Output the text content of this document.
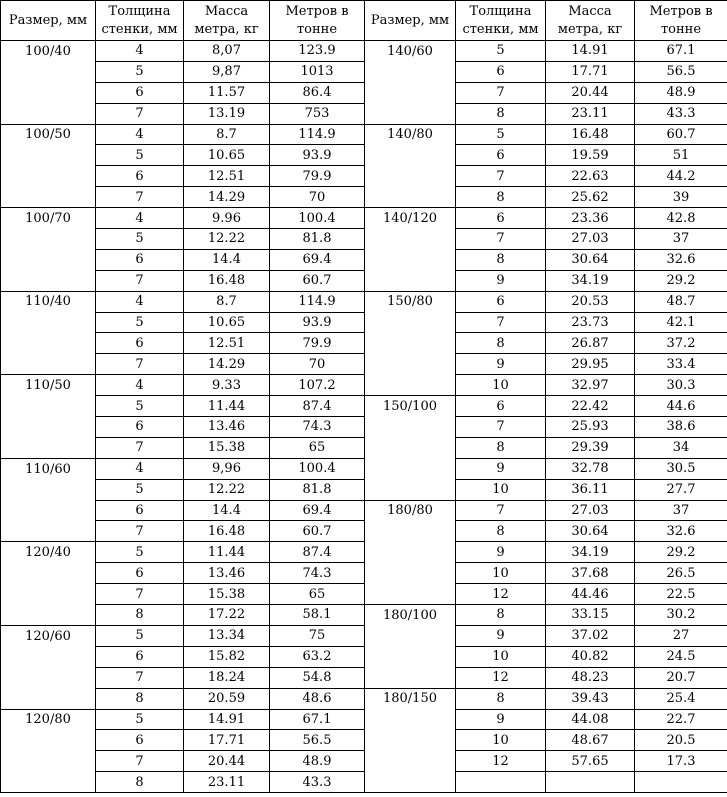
Размер, мм	Толщина стенки, мм	Масса метра, кг	Метров в тонне	Размер, мм	Толщина стенки, мм	Масса метра, кг	Метров в тонне
100/40	4	8,07	123.9	140/60	5	14.91	67.1
	5	9,87	1013		6	17.71	56.5
	6	11.57	86.4		7	20.44	48.9
	7	13.19	753		8	23.11	43.3
100/50	4	8.7	114.9	140/80	5	16.48	60.7
	5	10.65	93.9		6	19.59	51
	6	12.51	79.9		7	22.63	44.2
	7	14.29	70		8	25.62	39
100/70	4	9.96	100.4	140/120	6	23.36	42.8
	5	12.22	81.8		7	27.03	37
	6	14.4	69.4		8	30.64	32.6
	7	16.48	60.7		9	34.19	29.2
110/40	4	8.7	114.9	150/80	6	20.53	48.7
	5	10.65	93.9		7	23.73	42.1
	6	12.51	79.9		8	26.87	37.2
	7	14.29	70		9	29.95	33.4
110/50	4	9.33	107.2		10	32.97	30.3
	5	11.44	87.4	150/100	6	22.42	44.6
	6	13.46	74.3		7	25.93	38.6
	7	15.38	65		8	29.39	34
110/60	4	9,96	100.4		9	32.78	30.5
	5	12.22	81.8		10	36.11	27.7
	6	14.4	69.4	180/80	7	27.03	37
	7	16.48	60.7		8	30.64	32.6
120/40	5	11.44	87.4		9	34.19	29.2
	6	13.46	74.3		10	37.68	26.5
	7	15.38	65		12	44.46	22.5
	8	17.22	58.1	180/100	8	33.15	30.2
120/60	5	13.34	75		9	37.02	27
	6	15.82	63.2		10	40.82	24.5
	7	18.24	54.8		12	48.23	20.7
	8	20.59	48.6	180/150	8	39.43	25.4
120/80	5	14.91	67.1		9	44.08	22.7
	6	17.71	56.5		10	48.67	20.5
	7	20.44	48.9		12	57.65	17.3
	8	23.11	43.3				
